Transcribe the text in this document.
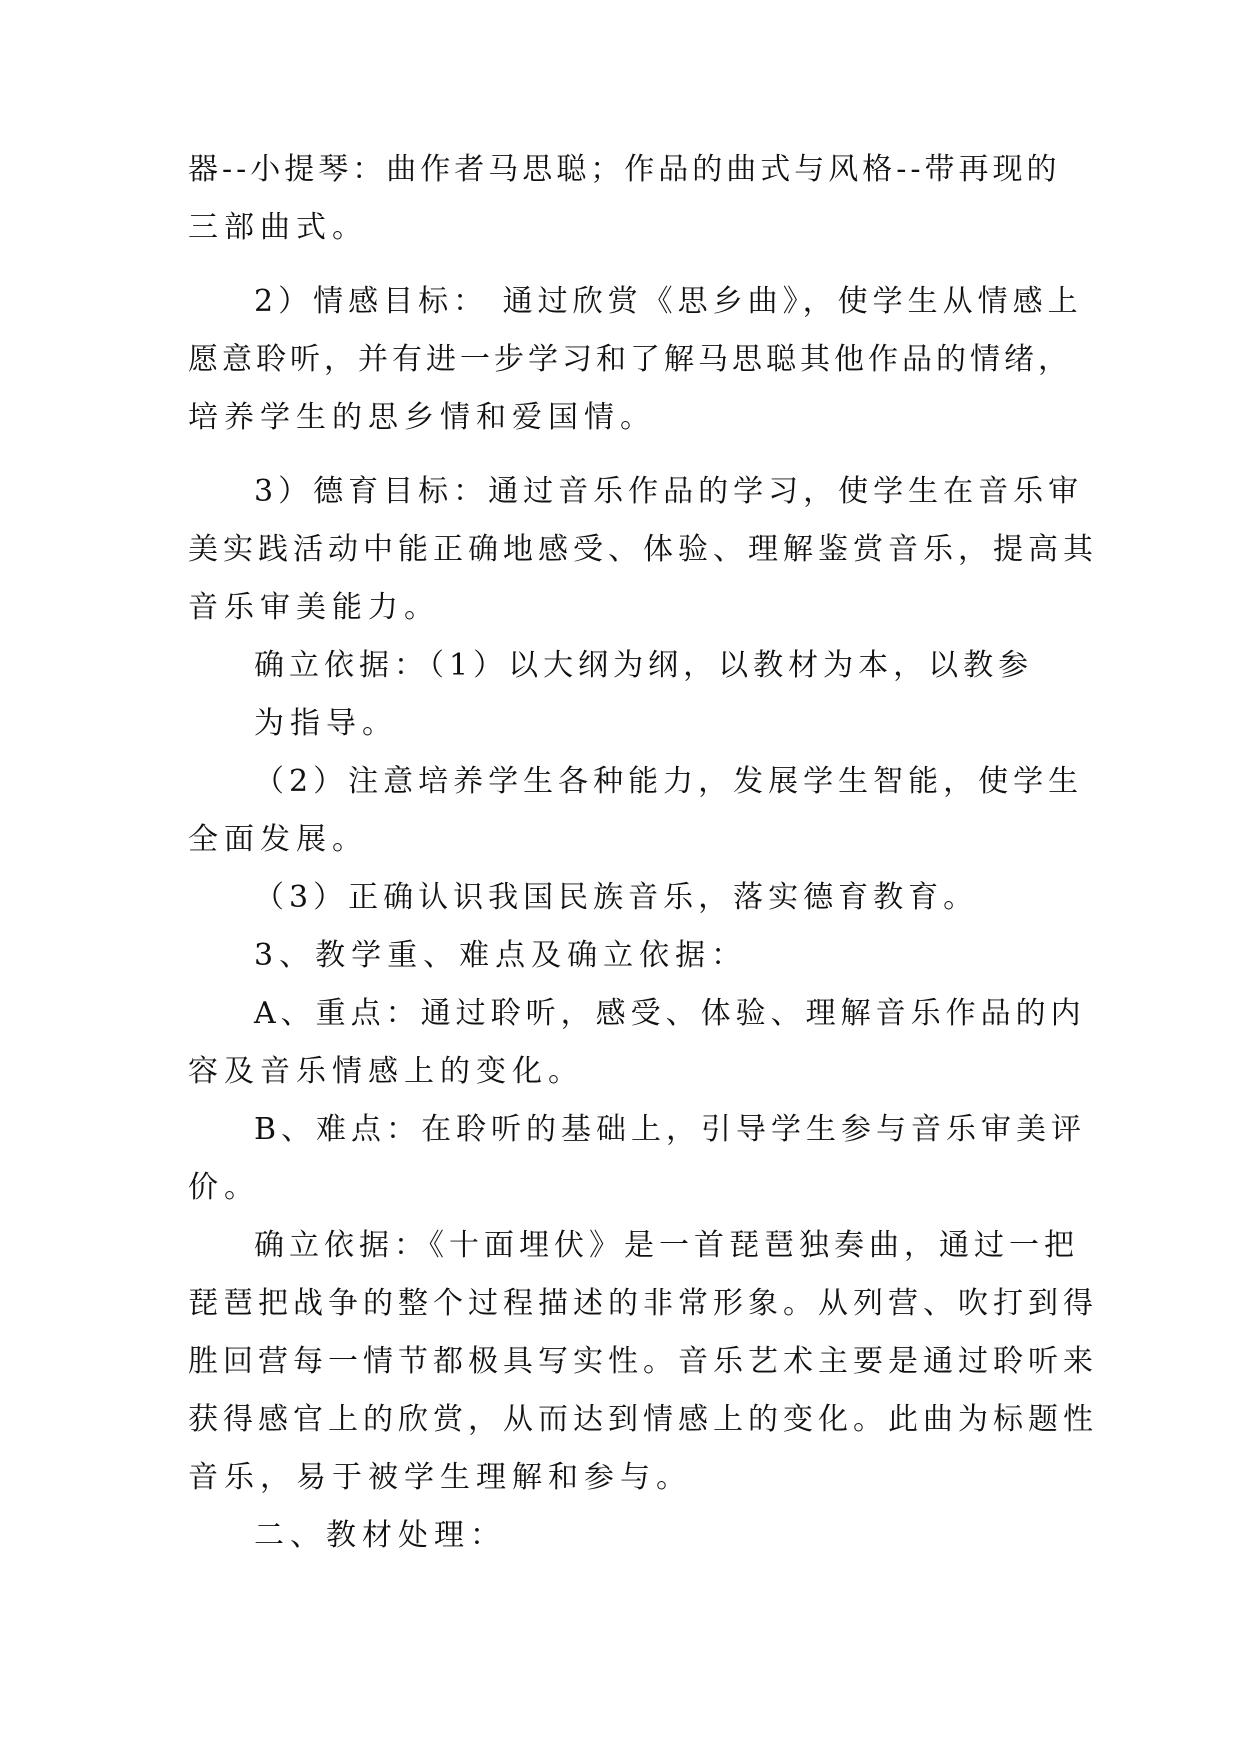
器--小提琴：曲作者马思聪；作品的曲式与风格--带再现的

三部曲式。

2）情感目标： 通过欣赏《思乡曲》，使学生从情感上

愿意聆听，并有进一步学习和了解马思聪其他作品的情绪，

培养学生的思乡情和爱国情。

3）德育目标：通过音乐作品的学习，使学生在音乐审

美实践活动中能正确地感受、体验、理解鉴赏音乐，提高其

音乐审美能力。

确立依据：（1）以大纲为纲，以教材为本，以教参

为指导。

（2）注意培养学生各种能力，发展学生智能，使学生

全面发展。

（3）正确认识我国民族音乐，落实德育教育。

3、教学重、难点及确立依据：

A、重点：通过聆听，感受、体验、理解音乐作品的内

容及音乐情感上的变化。

B、难点：在聆听的基础上，引导学生参与音乐审美评

价。

确立依据：《十面埋伏》是一首琵琶独奏曲，通过一把

琵琶把战争的整个过程描述的非常形象。从列营、吹打到得

胜回营每一情节都极具写实性。音乐艺术主要是通过聆听来

获得感官上的欣赏，从而达到情感上的变化。此曲为标题性

音乐，易于被学生理解和参与。

二、教材处理：
